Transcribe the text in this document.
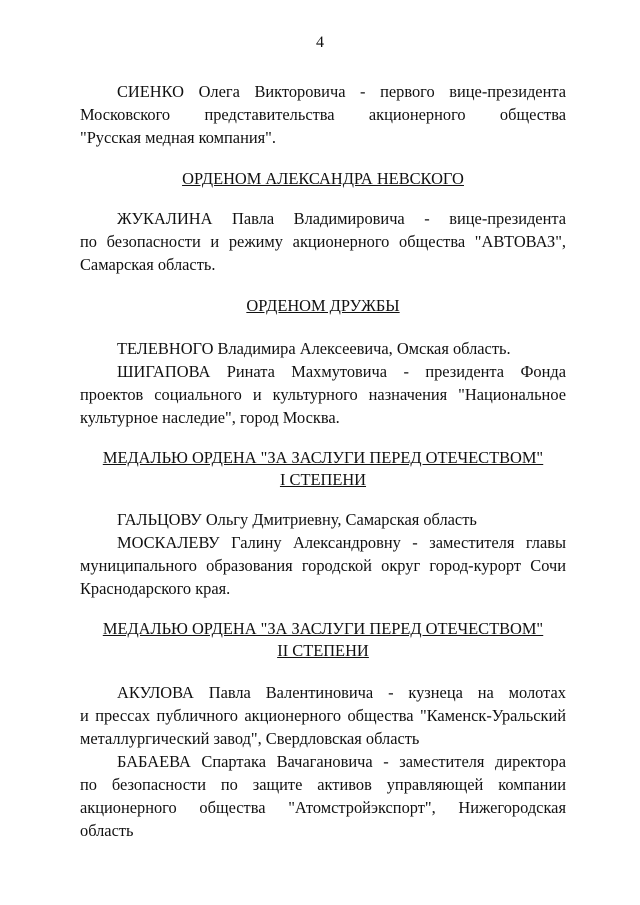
4
СИЕНКО Олега Викторовича - первого вице-президента
Московского представительства акционерного общества
"Русская медная компания".
ОРДЕНОМ АЛЕКСАНДРА НЕВСКОГО
ЖУКАЛИНА Павла Владимировича - вице-президента
по безопасности и режиму акционерного общества "АВТОВАЗ",
Самарская область.
ОРДЕНОМ ДРУЖБЫ
ТЕЛЕВНОГО Владимира Алексеевича, Омская область.
ШИГАПОВА Рината Махмутовича - президента Фонда
проектов социального и культурного назначения "Национальное
культурное наследие", город Москва.
МЕДАЛЬЮ ОРДЕНА "ЗА ЗАСЛУГИ ПЕРЕД ОТЕЧЕСТВОМ"
I СТЕПЕНИ
ГАЛЬЦОВУ Ольгу Дмитриевну, Самарская область
МОСКАЛЕВУ Галину Александровну - заместителя главы
муниципального образования городской округ город-курорт Сочи
Краснодарского края.
МЕДАЛЬЮ ОРДЕНА "ЗА ЗАСЛУГИ ПЕРЕД ОТЕЧЕСТВОМ"
II СТЕПЕНИ
АКУЛОВА Павла Валентиновича - кузнеца на молотах
и прессах публичного акционерного общества "Каменск-Уральский
металлургический завод", Свердловская область
БАБАЕВА Спартака Вачагановича - заместителя директора
по безопасности по защите активов управляющей компании
акционерного общества "Атомстройэкспорт", Нижегородская область
